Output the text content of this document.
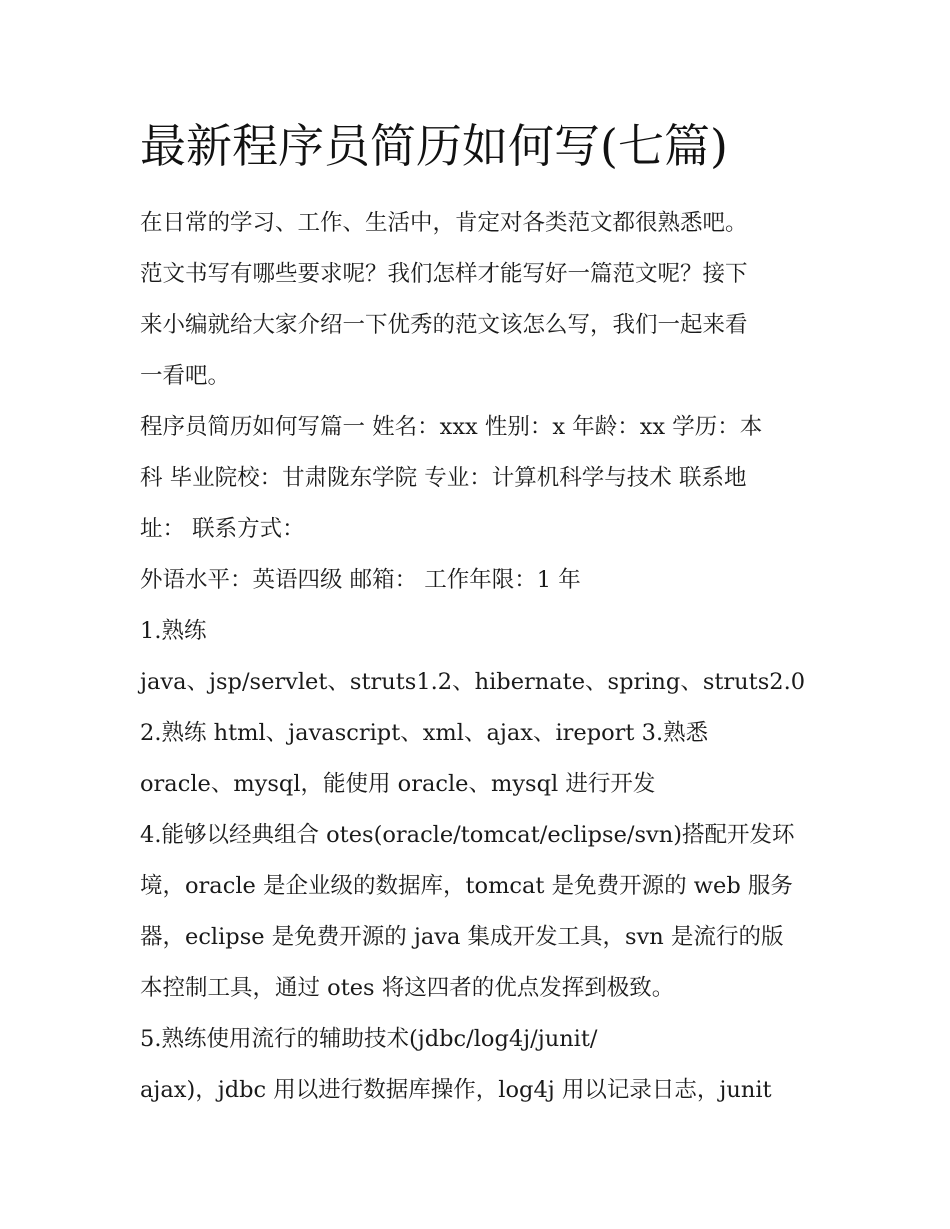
最新程序员简历如何写(七篇)
在日常的学习、工作、生活中，肯定对各类范文都很熟悉吧。
范文书写有哪些要求呢？我们怎样才能写好一篇范文呢？接下
来小编就给大家介绍一下优秀的范文该怎么写，我们一起来看
一看吧。
程序员简历如何写篇一 姓名：xxx 性别：x 年龄：xx 学历：本
科 毕业院校：甘肃陇东学院 专业：计算机科学与技术 联系地
址： 联系方式：
外语水平：英语四级 邮箱： 工作年限：1 年
1.熟练
java、jsp/servlet、struts1.2、hibernate、spring、struts2.0
2.熟练 html、javascript、xml、ajax、ireport 3.熟悉
oracle、mysql，能使用 oracle、mysql 进行开发
4.能够以经典组合 otes(oracle/tomcat/eclipse/svn)搭配开发环
境，oracle 是企业级的数据库，tomcat 是免费开源的 web 服务
器，eclipse 是免费开源的 java 集成开发工具，svn 是流行的版
本控制工具，通过 otes 将这四者的优点发挥到极致。
5.熟练使用流行的辅助技术(jdbc/log4j/junit/
ajax)，jdbc 用以进行数据库操作，log4j 用以记录日志，junit
